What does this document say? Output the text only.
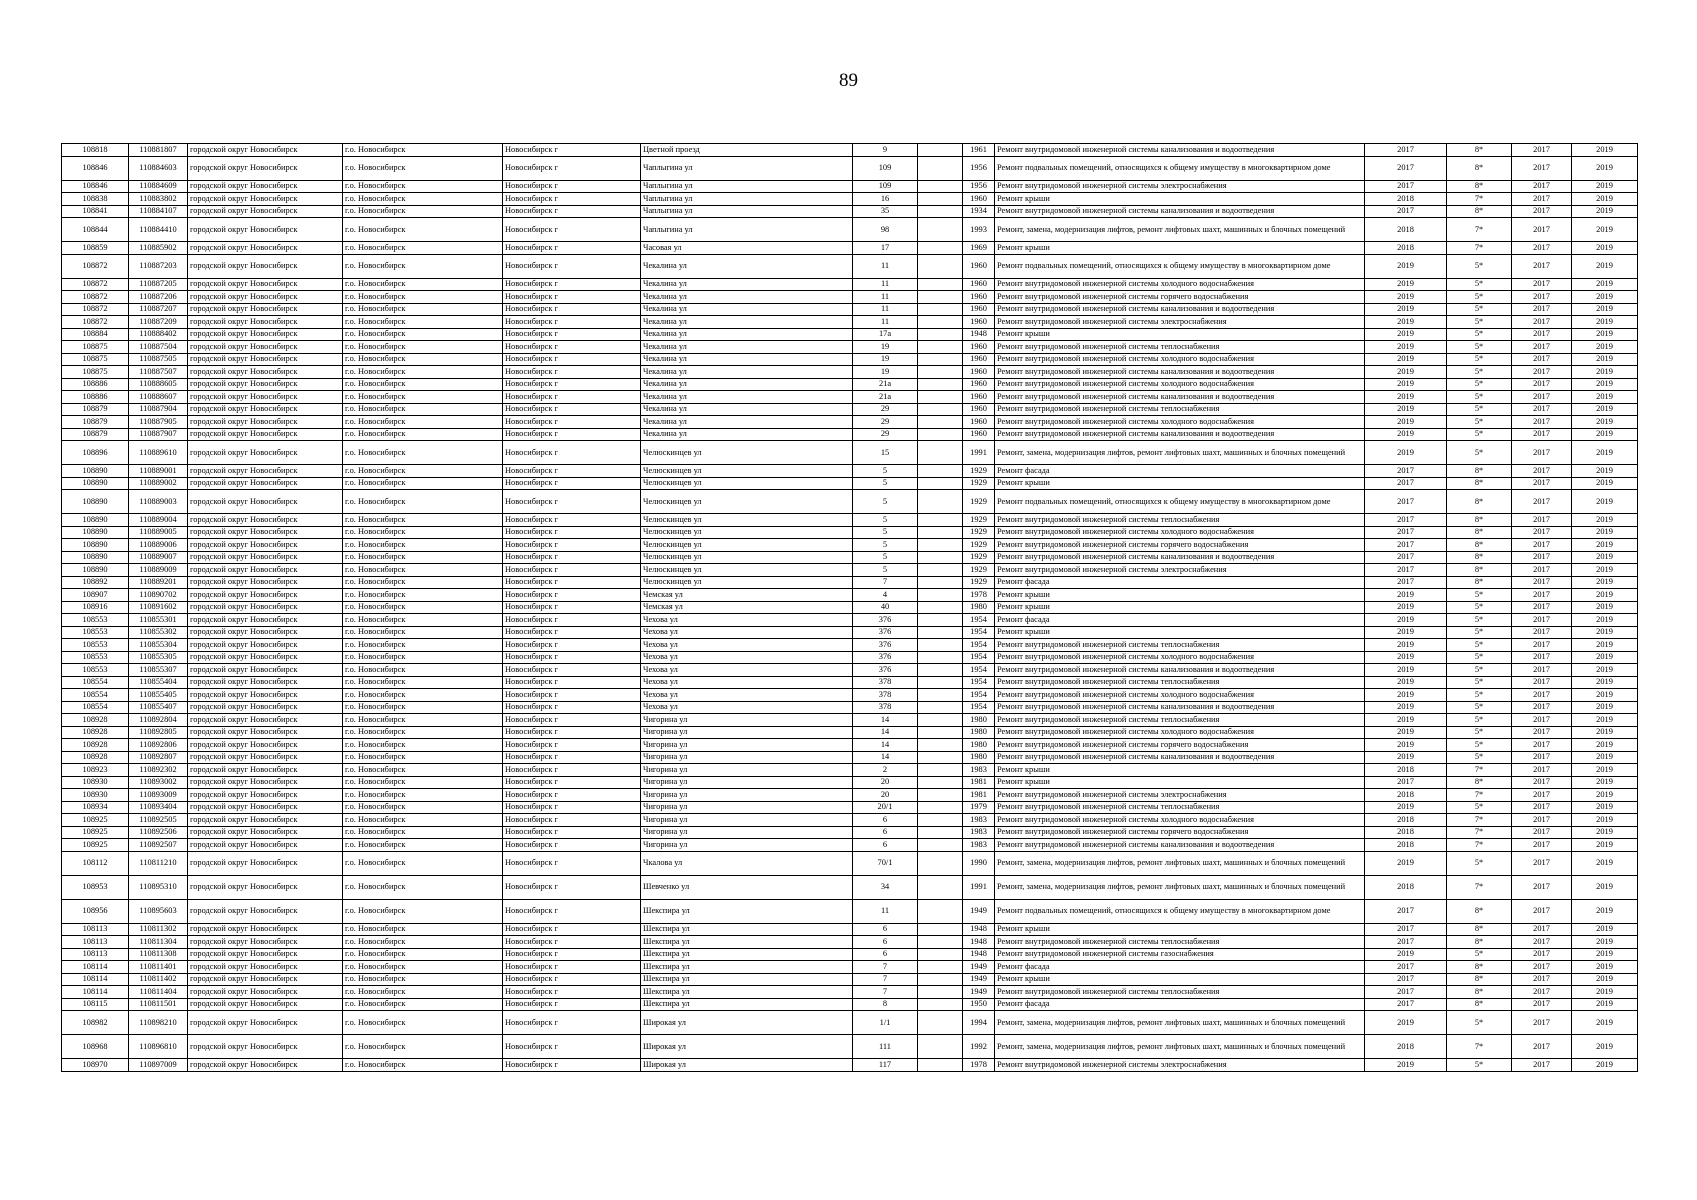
89
108818	110881807	городской округ Новосибирск	г.о. Новосибирск	Новосибирск г	Цветной проезд	9		1961	Ремонт внутридомовой инженерной системы канализования и водоотведения	2017	8*	2017	2019
108846	110884603	городской округ Новосибирск	г.о. Новосибирск	Новосибирск г	Чаплыгина ул	109		1956	Ремонт подвальных помещений, относящихся к общему имуществу в многоквартирном доме	2017	8*	2017	2019
108846	110884609	городской округ Новосибирск	г.о. Новосибирск	Новосибирск г	Чаплыгина ул	109		1956	Ремонт внутридомовой инженерной системы электроснабжения	2017	8*	2017	2019
108838	110883802	городской округ Новосибирск	г.о. Новосибирск	Новосибирск г	Чаплыгина ул	16		1960	Ремонт крыши	2018	7*	2017	2019
108841	110884107	городской округ Новосибирск	г.о. Новосибирск	Новосибирск г	Чаплыгина ул	35		1934	Ремонт внутридомовой инженерной системы канализования и водоотведения	2017	8*	2017	2019
108844	110884410	городской округ Новосибирск	г.о. Новосибирск	Новосибирск г	Чаплыгина ул	98		1993	Ремонт, замена, модернизация лифтов, ремонт лифтовых шахт, машинных и блочных помещений	2018	7*	2017	2019
108859	110885902	городской округ Новосибирск	г.о. Новосибирск	Новосибирск г	Часовая ул	17		1969	Ремонт крыши	2018	7*	2017	2019
108872	110887203	городской округ Новосибирск	г.о. Новосибирск	Новосибирск г	Чекалина ул	11		1960	Ремонт подвальных помещений, относящихся к общему имуществу в многоквартирном доме	2019	5*	2017	2019
108872	110887205	городской округ Новосибирск	г.о. Новосибирск	Новосибирск г	Чекалина ул	11		1960	Ремонт внутридомовой инженерной системы холодного водоснабжения	2019	5*	2017	2019
108872	110887206	городской округ Новосибирск	г.о. Новосибирск	Новосибирск г	Чекалина ул	11		1960	Ремонт внутридомовой инженерной системы горячего водоснабжения	2019	5*	2017	2019
108872	110887207	городской округ Новосибирск	г.о. Новосибирск	Новосибирск г	Чекалина ул	11		1960	Ремонт внутридомовой инженерной системы канализования и водоотведения	2019	5*	2017	2019
108872	110887209	городской округ Новосибирск	г.о. Новосибирск	Новосибирск г	Чекалина ул	11		1960	Ремонт внутридомовой инженерной системы электроснабжения	2019	5*	2017	2019
108884	110888402	городской округ Новосибирск	г.о. Новосибирск	Новосибирск г	Чекалина ул	17а		1948	Ремонт крыши	2019	5*	2017	2019
108875	110887504	городской округ Новосибирск	г.о. Новосибирск	Новосибирск г	Чекалина ул	19		1960	Ремонт внутридомовой инженерной системы теплоснабжения	2019	5*	2017	2019
108875	110887505	городской округ Новосибирск	г.о. Новосибирск	Новосибирск г	Чекалина ул	19		1960	Ремонт внутридомовой инженерной системы холодного водоснабжения	2019	5*	2017	2019
108875	110887507	городской округ Новосибирск	г.о. Новосибирск	Новосибирск г	Чекалина ул	19		1960	Ремонт внутридомовой инженерной системы канализования и водоотведения	2019	5*	2017	2019
108886	110888605	городской округ Новосибирск	г.о. Новосибирск	Новосибирск г	Чекалина ул	21а		1960	Ремонт внутридомовой инженерной системы холодного водоснабжения	2019	5*	2017	2019
108886	110888607	городской округ Новосибирск	г.о. Новосибирск	Новосибирск г	Чекалина ул	21а		1960	Ремонт внутридомовой инженерной системы канализования и водоотведения	2019	5*	2017	2019
108879	110887904	городской округ Новосибирск	г.о. Новосибирск	Новосибирск г	Чекалина ул	29		1960	Ремонт внутридомовой инженерной системы теплоснабжения	2019	5*	2017	2019
108879	110887905	городской округ Новосибирск	г.о. Новосибирск	Новосибирск г	Чекалина ул	29		1960	Ремонт внутридомовой инженерной системы холодного водоснабжения	2019	5*	2017	2019
108879	110887907	городской округ Новосибирск	г.о. Новосибирск	Новосибирск г	Чекалина ул	29		1960	Ремонт внутридомовой инженерной системы канализования и водоотведения	2019	5*	2017	2019
108896	110889610	городской округ Новосибирск	г.о. Новосибирск	Новосибирск г	Челюскинцев ул	15		1991	Ремонт, замена, модернизация лифтов, ремонт лифтовых шахт, машинных и блочных помещений	2019	5*	2017	2019
108890	110889001	городской округ Новосибирск	г.о. Новосибирск	Новосибирск г	Челюскинцев ул	5		1929	Ремонт фасада	2017	8*	2017	2019
108890	110889002	городской округ Новосибирск	г.о. Новосибирск	Новосибирск г	Челюскинцев ул	5		1929	Ремонт крыши	2017	8*	2017	2019
108890	110889003	городской округ Новосибирск	г.о. Новосибирск	Новосибирск г	Челюскинцев ул	5		1929	Ремонт подвальных помещений, относящихся к общему имуществу в многоквартирном доме	2017	8*	2017	2019
108890	110889004	городской округ Новосибирск	г.о. Новосибирск	Новосибирск г	Челюскинцев ул	5		1929	Ремонт внутридомовой инженерной системы теплоснабжения	2017	8*	2017	2019
108890	110889005	городской округ Новосибирск	г.о. Новосибирск	Новосибирск г	Челюскинцев ул	5		1929	Ремонт внутридомовой инженерной системы холодного водоснабжения	2017	8*	2017	2019
108890	110889006	городской округ Новосибирск	г.о. Новосибирск	Новосибирск г	Челюскинцев ул	5		1929	Ремонт внутридомовой инженерной системы горячего водоснабжения	2017	8*	2017	2019
108890	110889007	городской округ Новосибирск	г.о. Новосибирск	Новосибирск г	Челюскинцев ул	5		1929	Ремонт внутридомовой инженерной системы канализования и водоотведения	2017	8*	2017	2019
108890	110889009	городской округ Новосибирск	г.о. Новосибирск	Новосибирск г	Челюскинцев ул	5		1929	Ремонт внутридомовой инженерной системы электроснабжения	2017	8*	2017	2019
108892	110889201	городской округ Новосибирск	г.о. Новосибирск	Новосибирск г	Челюскинцев ул	7		1929	Ремонт фасада	2017	8*	2017	2019
108907	110890702	городской округ Новосибирск	г.о. Новосибирск	Новосибирск г	Чемская ул	4		1978	Ремонт крыши	2019	5*	2017	2019
108916	110891602	городской округ Новосибирск	г.о. Новосибирск	Новосибирск г	Чемская ул	40		1980	Ремонт крыши	2019	5*	2017	2019
108553	110855301	городской округ Новосибирск	г.о. Новосибирск	Новосибирск г	Чехова ул	376		1954	Ремонт фасада	2019	5*	2017	2019
108553	110855302	городской округ Новосибирск	г.о. Новосибирск	Новосибирск г	Чехова ул	376		1954	Ремонт крыши	2019	5*	2017	2019
108553	110855304	городской округ Новосибирск	г.о. Новосибирск	Новосибирск г	Чехова ул	376		1954	Ремонт внутридомовой инженерной системы теплоснабжения	2019	5*	2017	2019
108553	110855305	городской округ Новосибирск	г.о. Новосибирск	Новосибирск г	Чехова ул	376		1954	Ремонт внутридомовой инженерной системы холодного водоснабжения	2019	5*	2017	2019
108553	110855307	городской округ Новосибирск	г.о. Новосибирск	Новосибирск г	Чехова ул	376		1954	Ремонт внутридомовой инженерной системы канализования и водоотведения	2019	5*	2017	2019
108554	110855404	городской округ Новосибирск	г.о. Новосибирск	Новосибирск г	Чехова ул	378		1954	Ремонт внутридомовой инженерной системы теплоснабжения	2019	5*	2017	2019
108554	110855405	городской округ Новосибирск	г.о. Новосибирск	Новосибирск г	Чехова ул	378		1954	Ремонт внутридомовой инженерной системы холодного водоснабжения	2019	5*	2017	2019
108554	110855407	городской округ Новосибирск	г.о. Новосибирск	Новосибирск г	Чехова ул	378		1954	Ремонт внутридомовой инженерной системы канализования и водоотведения	2019	5*	2017	2019
108928	110892804	городской округ Новосибирск	г.о. Новосибирск	Новосибирск г	Чигорина ул	14		1980	Ремонт внутридомовой инженерной системы теплоснабжения	2019	5*	2017	2019
108928	110892805	городской округ Новосибирск	г.о. Новосибирск	Новосибирск г	Чигорина ул	14		1980	Ремонт внутридомовой инженерной системы холодного водоснабжения	2019	5*	2017	2019
108928	110892806	городской округ Новосибирск	г.о. Новосибирск	Новосибирск г	Чигорина ул	14		1980	Ремонт внутридомовой инженерной системы горячего водоснабжения	2019	5*	2017	2019
108928	110892807	городской округ Новосибирск	г.о. Новосибирск	Новосибирск г	Чигорина ул	14		1980	Ремонт внутридомовой инженерной системы канализования и водоотведения	2019	5*	2017	2019
108923	110892302	городской округ Новосибирск	г.о. Новосибирск	Новосибирск г	Чигорина ул	2		1983	Ремонт крыши	2018	7*	2017	2019
108930	110893002	городской округ Новосибирск	г.о. Новосибирск	Новосибирск г	Чигорина ул	20		1981	Ремонт крыши	2017	8*	2017	2019
108930	110893009	городской округ Новосибирск	г.о. Новосибирск	Новосибирск г	Чигорина ул	20		1981	Ремонт внутридомовой инженерной системы электроснабжения	2018	7*	2017	2019
108934	110893404	городской округ Новосибирск	г.о. Новосибирск	Новосибирск г	Чигорина ул	20/1		1979	Ремонт внутридомовой инженерной системы теплоснабжения	2019	5*	2017	2019
108925	110892505	городской округ Новосибирск	г.о. Новосибирск	Новосибирск г	Чигорина ул	6		1983	Ремонт внутридомовой инженерной системы холодного водоснабжения	2018	7*	2017	2019
108925	110892506	городской округ Новосибирск	г.о. Новосибирск	Новосибирск г	Чигорина ул	6		1983	Ремонт внутридомовой инженерной системы горячего водоснабжения	2018	7*	2017	2019
108925	110892507	городской округ Новосибирск	г.о. Новосибирск	Новосибирск г	Чигорина ул	6		1983	Ремонт внутридомовой инженерной системы канализования и водоотведения	2018	7*	2017	2019
108112	110811210	городской округ Новосибирск	г.о. Новосибирск	Новосибирск г	Чкалова ул	70/1		1990	Ремонт, замена, модернизация лифтов, ремонт лифтовых шахт, машинных и блочных помещений	2019	5*	2017	2019
108953	110895310	городской округ Новосибирск	г.о. Новосибирск	Новосибирск г	Шевченко ул	34		1991	Ремонт, замена, модернизация лифтов, ремонт лифтовых шахт, машинных и блочных помещений	2018	7*	2017	2019
108956	110895603	городской округ Новосибирск	г.о. Новосибирск	Новосибирск г	Шекспира ул	11		1949	Ремонт подвальных помещений, относящихся к общему имуществу в многоквартирном доме	2017	8*	2017	2019
108113	110811302	городской округ Новосибирск	г.о. Новосибирск	Новосибирск г	Шекспира ул	6		1948	Ремонт крыши	2017	8*	2017	2019
108113	110811304	городской округ Новосибирск	г.о. Новосибирск	Новосибирск г	Шекспира ул	6		1948	Ремонт внутридомовой инженерной системы теплоснабжения	2017	8*	2017	2019
108113	110811308	городской округ Новосибирск	г.о. Новосибирск	Новосибирск г	Шекспира ул	6		1948	Ремонт внутридомовой инженерной системы газоснабжения	2019	5*	2017	2019
108114	110811401	городской округ Новосибирск	г.о. Новосибирск	Новосибирск г	Шекспира ул	7		1949	Ремонт фасада	2017	8*	2017	2019
108114	110811402	городской округ Новосибирск	г.о. Новосибирск	Новосибирск г	Шекспира ул	7		1949	Ремонт крыши	2017	8*	2017	2019
108114	110811404	городской округ Новосибирск	г.о. Новосибирск	Новосибирск г	Шекспира ул	7		1949	Ремонт внутридомовой инженерной системы теплоснабжения	2017	8*	2017	2019
108115	110811501	городской округ Новосибирск	г.о. Новосибирск	Новосибирск г	Шекспира ул	8		1950	Ремонт фасада	2017	8*	2017	2019
108982	110898210	городской округ Новосибирск	г.о. Новосибирск	Новосибирск г	Широкая ул	1/1		1994	Ремонт, замена, модернизация лифтов, ремонт лифтовых шахт, машинных и блочных помещений	2019	5*	2017	2019
108968	110896810	городской округ Новосибирск	г.о. Новосибирск	Новосибирск г	Широкая ул	111		1992	Ремонт, замена, модернизация лифтов, ремонт лифтовых шахт, машинных и блочных помещений	2018	7*	2017	2019
108970	110897009	городской округ Новосибирск	г.о. Новосибирск	Новосибирск г	Широкая ул	117		1978	Ремонт внутридомовой инженерной системы электроснабжения	2019	5*	2017	2019
